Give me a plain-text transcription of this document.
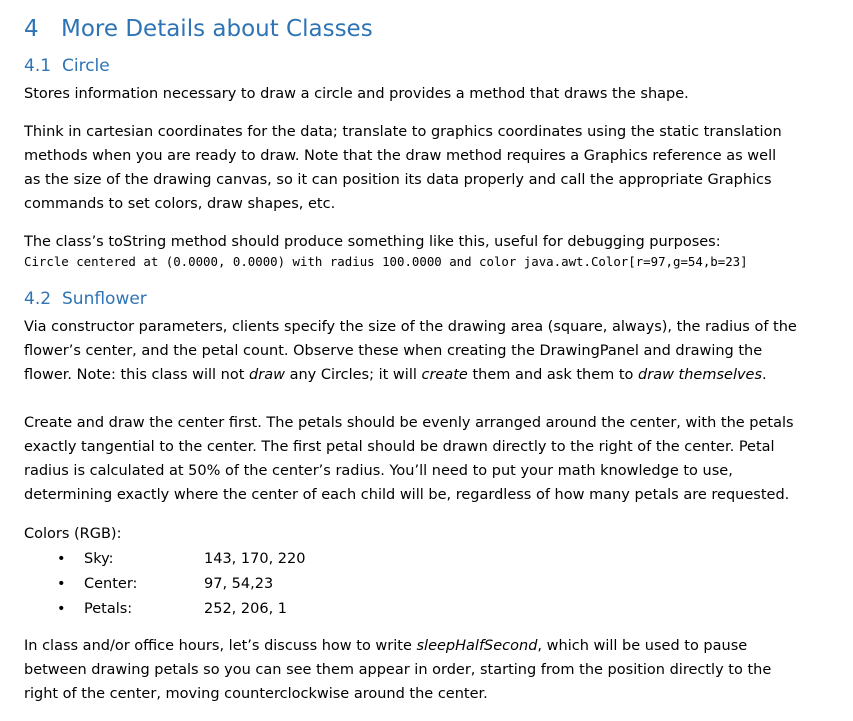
4 More Details about Classes
4.1 Circle

Stores information necessary to draw a circle and provides a method that draws the shape.

Think in cartesian coordinates for the data; translate to graphics coordinates using the static translation
methods when you are ready to draw. Note that the draw method requires a Graphics reference as well
as the size of the drawing canvas, so it can position its data properly and call the appropriate Graphics
commands to set colors, draw shapes, etc.

The class’s toString method should produce something like this, useful for debugging purposes:

Circle centered at (0.0000, 0.0000) with radius 100.0000 and color java.awt.Color[r=97,g=54,b=23]
4.2 Sunflower

Via constructor parameters, clients specify the size of the drawing area (square, always), the radius of the
flower’s center, and the petal count. Observe these when creating the DrawingPanel and drawing the
flower. Note: this class will not draw any Circles; it will create them and ask them to draw themselves.

Create and draw the center first. The petals should be evenly arranged around the center, with the petals
exactly tangential to the center. The first petal should be drawn directly to the right of the center. Petal
radius is calculated at 50% of the center’s radius. You’ll need to put your math knowledge to use,
determining exactly where the center of each child will be, regardless of how many petals are requested.

Colors (RGB):
• Sky:	143, 170, 220
• Center:	97, 54,23
• Petals:	252, 206, 1

In class and/or office hours, let’s discuss how to write sleepHalfSecond, which will be used to pause
between drawing petals so you can see them appear in order, starting from the position directly to the
right of the center, moving counterclockwise around the center.
